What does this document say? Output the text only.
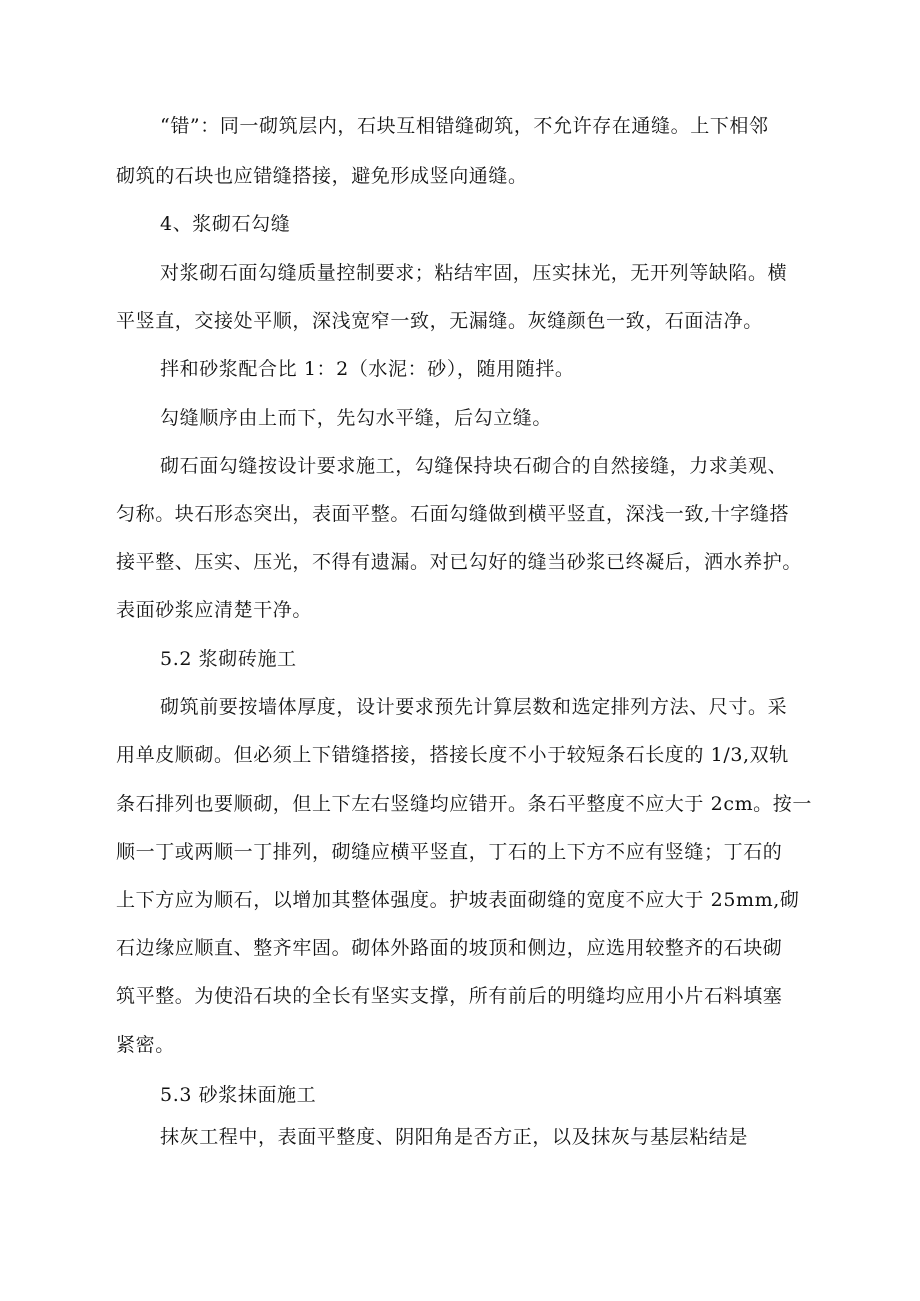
“错”：同一砌筑层内，石块互相错缝砌筑，不允许存在通缝。上下相邻
砌筑的石块也应错缝搭接，避免形成竖向通缝。
4、浆砌石勾缝
对浆砌石面勾缝质量控制要求；粘结牢固，压实抹光，无开列等缺陷。横
平竖直，交接处平顺，深浅宽窄一致，无漏缝。灰缝颜色一致，石面洁净。
拌和砂浆配合比 1：2（水泥：砂），随用随拌。
勾缝顺序由上而下，先勾水平缝，后勾立缝。
砌石面勾缝按设计要求施工，勾缝保持块石砌合的自然接缝，力求美观、
匀称。块石形态突出，表面平整。石面勾缝做到横平竖直，深浅一致,十字缝搭
接平整、压实、压光，不得有遗漏。对已勾好的缝当砂浆已终凝后，洒水养护。
表面砂浆应清楚干净。
5.2 浆砌砖施工
砌筑前要按墙体厚度，设计要求预先计算层数和选定排列方法、尺寸。采
用单皮顺砌。但必须上下错缝搭接，搭接长度不小于较短条石长度的 1/3,双轨
条石排列也要顺砌，但上下左右竖缝均应错开。条石平整度不应大于 2cm。按一
顺一丁或两顺一丁排列，砌缝应横平竖直，丁石的上下方不应有竖缝；丁石的
上下方应为顺石，以增加其整体强度。护坡表面砌缝的宽度不应大于 25mm,砌
石边缘应顺直、整齐牢固。砌体外路面的坡顶和侧边，应选用较整齐的石块砌
筑平整。为使沿石块的全长有坚实支撑，所有前后的明缝均应用小片石料填塞
紧密。
5.3 砂浆抹面施工
抹灰工程中，表面平整度、阴阳角是否方正，以及抹灰与基层粘结是
